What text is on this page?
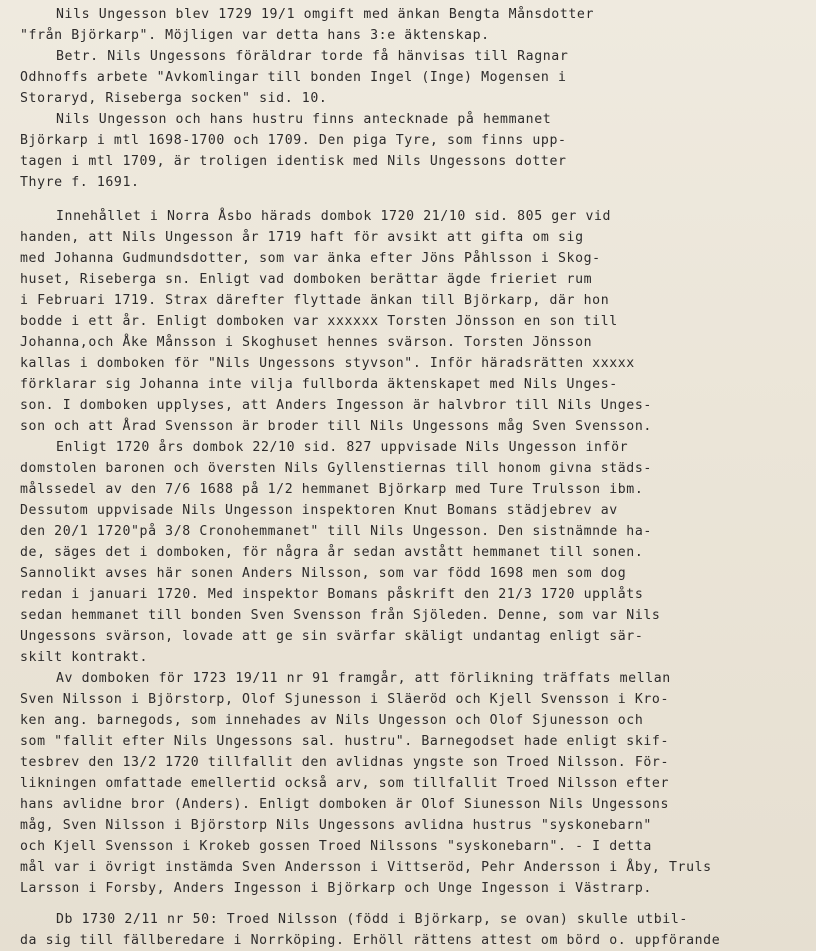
Nils Ungesson blev 1729 19/1 omgift med änkan Bengta Månsdotter
"från Björkarp". Möjligen var detta hans 3:e äktenskap.
Betr. Nils Ungessons föräldrar torde få hänvisas till Ragnar
Odhnoffs arbete "Avkomlingar till bonden Ingel (Inge) Mogensen i
Storaryd, Riseberga socken" sid. 10.
Nils Ungesson och hans hustru finns antecknade på hemmanet
Björkarp i mtl 1698-1700 och 1709. Den piga Tyre, som finns upp-
tagen i mtl 1709, är troligen identisk med Nils Ungessons dotter
Thyre f. 1691.
Innehållet i Norra Åsbo härads dombok 1720 21/10 sid. 805 ger vid
handen, att Nils Ungesson år 1719 haft för avsikt att gifta om sig
med Johanna Gudmundsdotter, som var änka efter Jöns Påhlsson i Skog-
huset, Riseberga sn. Enligt vad domboken berättar ägde frieriet rum
i Februari 1719. Strax därefter flyttade änkan till Björkarp, där hon
bodde i ett år. Enligt domboken var xxxxxx Torsten Jönsson en son till
Johanna,och Åke Månsson i Skoghuset hennes svärson. Torsten Jönsson
kallas i domboken för "Nils Ungessons styvson". Inför häradsrätten xxxxx
förklarar sig Johanna inte vilja fullborda äktenskapet med Nils Unges-
son. I domboken upplyses, att Anders Ingesson är halvbror till Nils Unges-
son och att Årad Svensson är broder till Nils Ungessons måg Sven Svensson.
Enligt 1720 års dombok 22/10 sid. 827 uppvisade Nils Ungesson inför
domstolen baronen och översten Nils Gyllenstiernas till honom givna städs-
målssedel av den 7/6 1688 på 1/2 hemmanet Björkarp med Ture Trulsson ibm.
Dessutom uppvisade Nils Ungesson inspektoren Knut Bomans städjebrev av
den 20/1 1720"på 3/8 Cronohemmanet" till Nils Ungesson. Den sistnämnde ha-
de, säges det i domboken, för några år sedan avstått hemmanet till sonen.
Sannolikt avses här sonen Anders Nilsson, som var född 1698 men som dog
redan i januari 1720. Med inspektor Bomans påskrift den 21/3 1720 upplåts
sedan hemmanet till bonden Sven Svensson från Sjöleden. Denne, som var Nils
Ungessons svärson, lovade att ge sin svärfar skäligt undantag enligt sär-
skilt kontrakt.
Av domboken för 1723 19/11 nr 91 framgår, att förlikning träffats mellan
Sven Nilsson i Björstorp, Olof Sjunesson i Släeröd och Kjell Svensson i Kro-
ken ang. barnegods, som innehades av Nils Ungesson och Olof Sjunesson och
som "fallit efter Nils Ungessons sal. hustru". Barnegodset hade enligt skif-
tesbrev den 13/2 1720 tillfallit den avlidnas yngste son Troed Nilsson. För-
likningen omfattade emellertid också arv, som tillfallit Troed Nilsson efter
hans avlidne bror (Anders). Enligt domboken är Olof Siunesson Nils Ungessons
måg, Sven Nilsson i Björstorp Nils Ungessons avlidna hustrus "syskonebarn"
och Kjell Svensson i Krokeb gossen Troed Nilssons "syskonebarn". - I detta
mål var i övrigt instämda Sven Andersson i Vittseröd, Pehr Andersson i Åby, Truls
Larsson i Forsby, Anders Ingesson i Björkarp och Unge Ingesson i Västrarp.
Db 1730 2/11 nr 50: Troed Nilsson (född i Björkarp, se ovan) skulle utbil-
da sig till fällberedare i Norrköping. Erhöll rättens attest om börd o. uppförande
